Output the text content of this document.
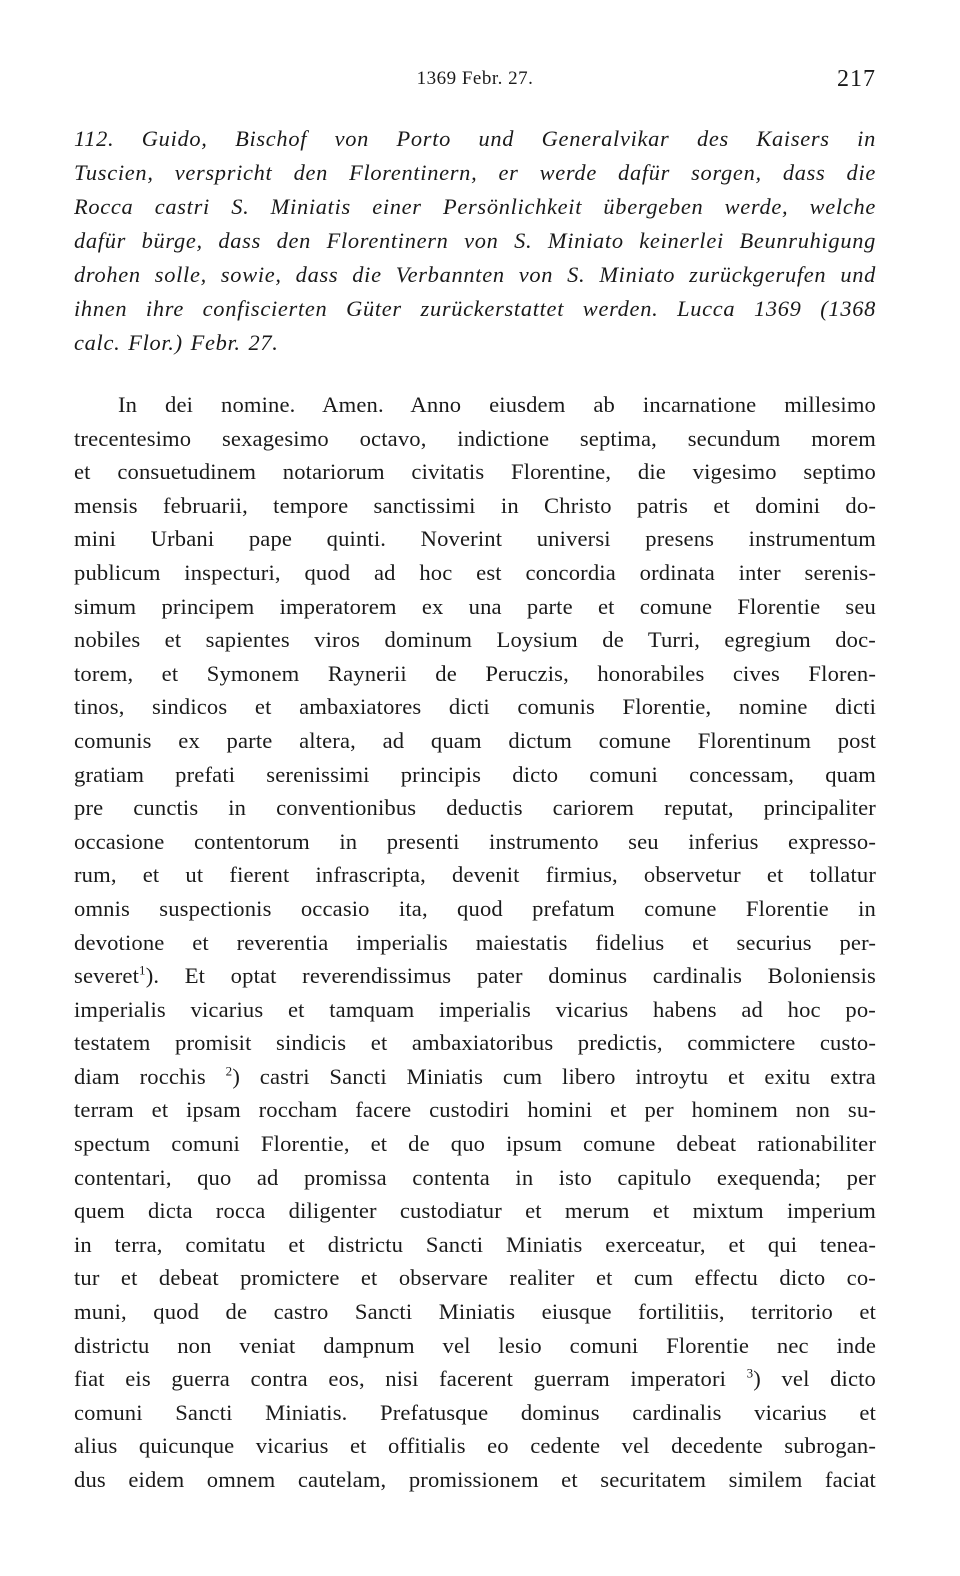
1369 Febr. 27.	217
112. Guido, Bischof von Porto und Generalvikar des Kaisers in
Tuscien, verspricht den Florentinern, er werde dafür sorgen, dass die
Rocca castri S. Miniatis einer Persönlichkeit übergeben werde, welche
dafür bürge, dass den Florentinern von S. Miniato keinerlei Beunruhigung
drohen solle, sowie, dass die Verbannten von S. Miniato zurückgerufen und
ihnen ihre confiscierten Güter zurückerstattet werden. Lucca 1369 (1368
calc. Flor.) Febr. 27.
In dei nomine. Amen. Anno eiusdem ab incarnatione millesimo
trecentesimo sexagesimo octavo, indictione septima, secundum morem
et consuetudinem notariorum civitatis Florentine, die vigesimo septimo
mensis februarii, tempore sanctissimi in Christo patris et domini do-
mini Urbani pape quinti. Noverint universi presens instrumentum
publicum inspecturi, quod ad hoc est concordia ordinata inter serenis-
simum principem imperatorem ex una parte et comune Florentie seu
nobiles et sapientes viros dominum Loysium de Turri, egregium doc-
torem, et Symonem Raynerii de Peruczis, honorabiles cives Floren-
tinos, sindicos et ambaxiatores dicti comunis Florentie, nomine dicti
comunis ex parte altera, ad quam dictum comune Florentinum post
gratiam prefati serenissimi principis dicto comuni concessam, quam
pre cunctis in conventionibus deductis cariorem reputat, principaliter
occasione contentorum in presenti instrumento seu inferius expresso-
rum, et ut fierent infrascripta, devenit firmius, observetur et tollatur
omnis suspectionis occasio ita, quod prefatum comune Florentie in
devotione et reverentia imperialis maiestatis fidelius et securius per-
severet$^1$). Et optat reverendissimus pater dominus cardinalis Boloniensis
imperialis vicarius et tamquam imperialis vicarius habens ad hoc po-
testatem promisit sindicis et ambaxiatoribus predictis, commictere custo-
diam rocchis $^2$) castri Sancti Miniatis cum libero introytu et exitu extra
terram et ipsam roccham facere custodiri homini et per hominem non su-
spectum comuni Florentie, et de quo ipsum comune debeat rationabiliter
contentari, quo ad promissa contenta in isto capitulo exequenda; per
quem dicta rocca diligenter custodiatur et merum et mixtum imperium
in terra, comitatu et districtu Sancti Miniatis exerceatur, et qui tenea-
tur et debeat promictere et observare realiter et cum effectu dicto co-
muni, quod de castro Sancti Miniatis eiusque fortilitiis, territorio et
districtu non veniat dampnum vel lesio comuni Florentie nec inde
fiat eis guerra contra eos, nisi facerent guerram imperatori $^3$) vel dicto
comuni Sancti Miniatis. Prefatusque dominus cardinalis vicarius et
alius quicunque vicarius et offitialis eo cedente vel decedente subrogan-
dus eidem omnem cautelam, promissionem et securitatem similem faciat
